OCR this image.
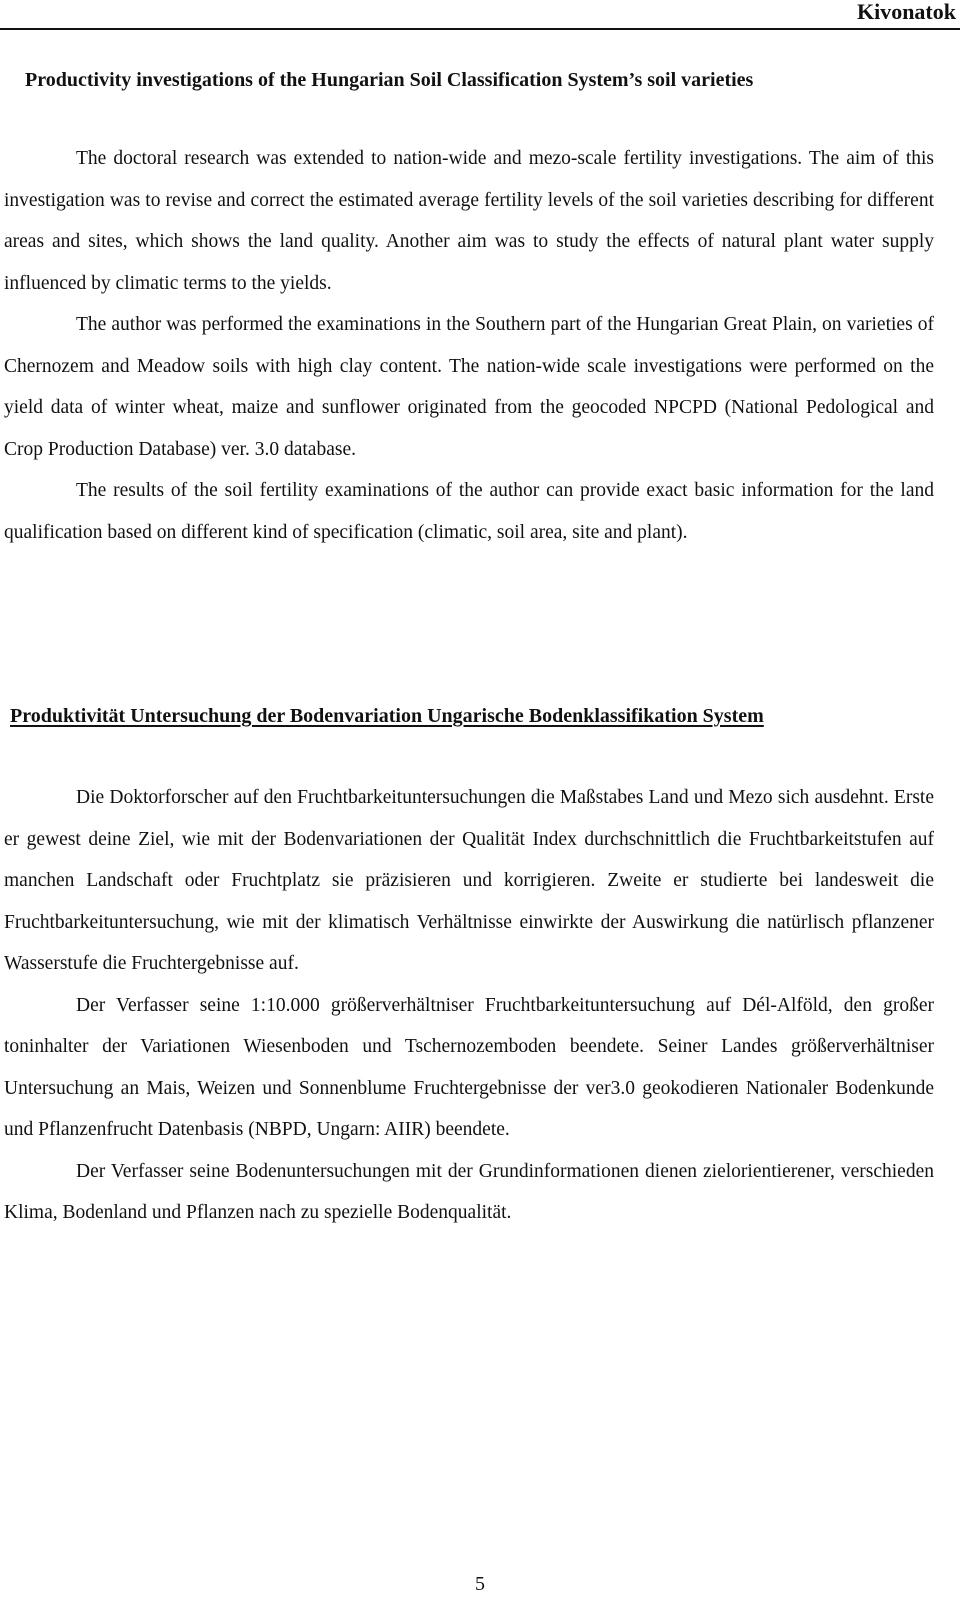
Kivonatok
Productivity investigations of the Hungarian Soil Classification System’s soil varieties

The doctoral research was extended to nation-wide and mezo-scale fertility investigations. The aim of this investigation was to revise and correct the estimated average fertility levels of the soil varieties describing for different areas and sites, which shows the land quality. Another aim was to study the effects of natural plant water supply influenced by climatic terms to the yields.

The author was performed the examinations in the Southern part of the Hungarian Great Plain, on varieties of Chernozem and Meadow soils with high clay content. The nation-wide scale investigations were performed on the yield data of winter wheat, maize and sunflower originated from the geocoded NPCPD (National Pedological and Crop Production Database) ver. 3.0 database.

The results of the soil fertility examinations of the author can provide exact basic information for the land qualification based on different kind of specification (climatic, soil area, site and plant).

Produktivität Untersuchung der Bodenvariation Ungarische Bodenklassifikation System

Die Doktorforscher auf den Fruchtbarkeituntersuchungen die Maßstabes Land und Mezo sich ausdehnt. Erste er gewest deine Ziel, wie mit der Bodenvariationen der Qualität Index durchschnittlich die Fruchtbarkeitstufen auf manchen Landschaft oder Fruchtplatz sie präzisieren und korrigieren. Zweite er studierte bei landesweit die Fruchtbarkeituntersuchung, wie mit der klimatisch Verhältnisse einwirkte der Auswirkung die natürlisch pflanzener Wasserstufe die Fruchtergebnisse auf.

Der Verfasser seine 1:10.000 größerverhältniser Fruchtbarkeituntersuchung auf Dél-Alföld, den großer toninhalter der Variationen Wiesenboden und Tschernozemboden beendete. Seiner Landes größerverhältniser Untersuchung an Mais, Weizen und Sonnenblume Fruchtergebnisse der ver3.0 geokodieren Nationaler Bodenkunde und Pflanzenfrucht Datenbasis (NBPD, Ungarn: AIIR) beendete.

Der Verfasser seine Bodenuntersuchungen mit der Grundinformationen dienen zielorientierener, verschieden Klima, Bodenland und Pflanzen nach zu spezielle Bodenqualität.

5
